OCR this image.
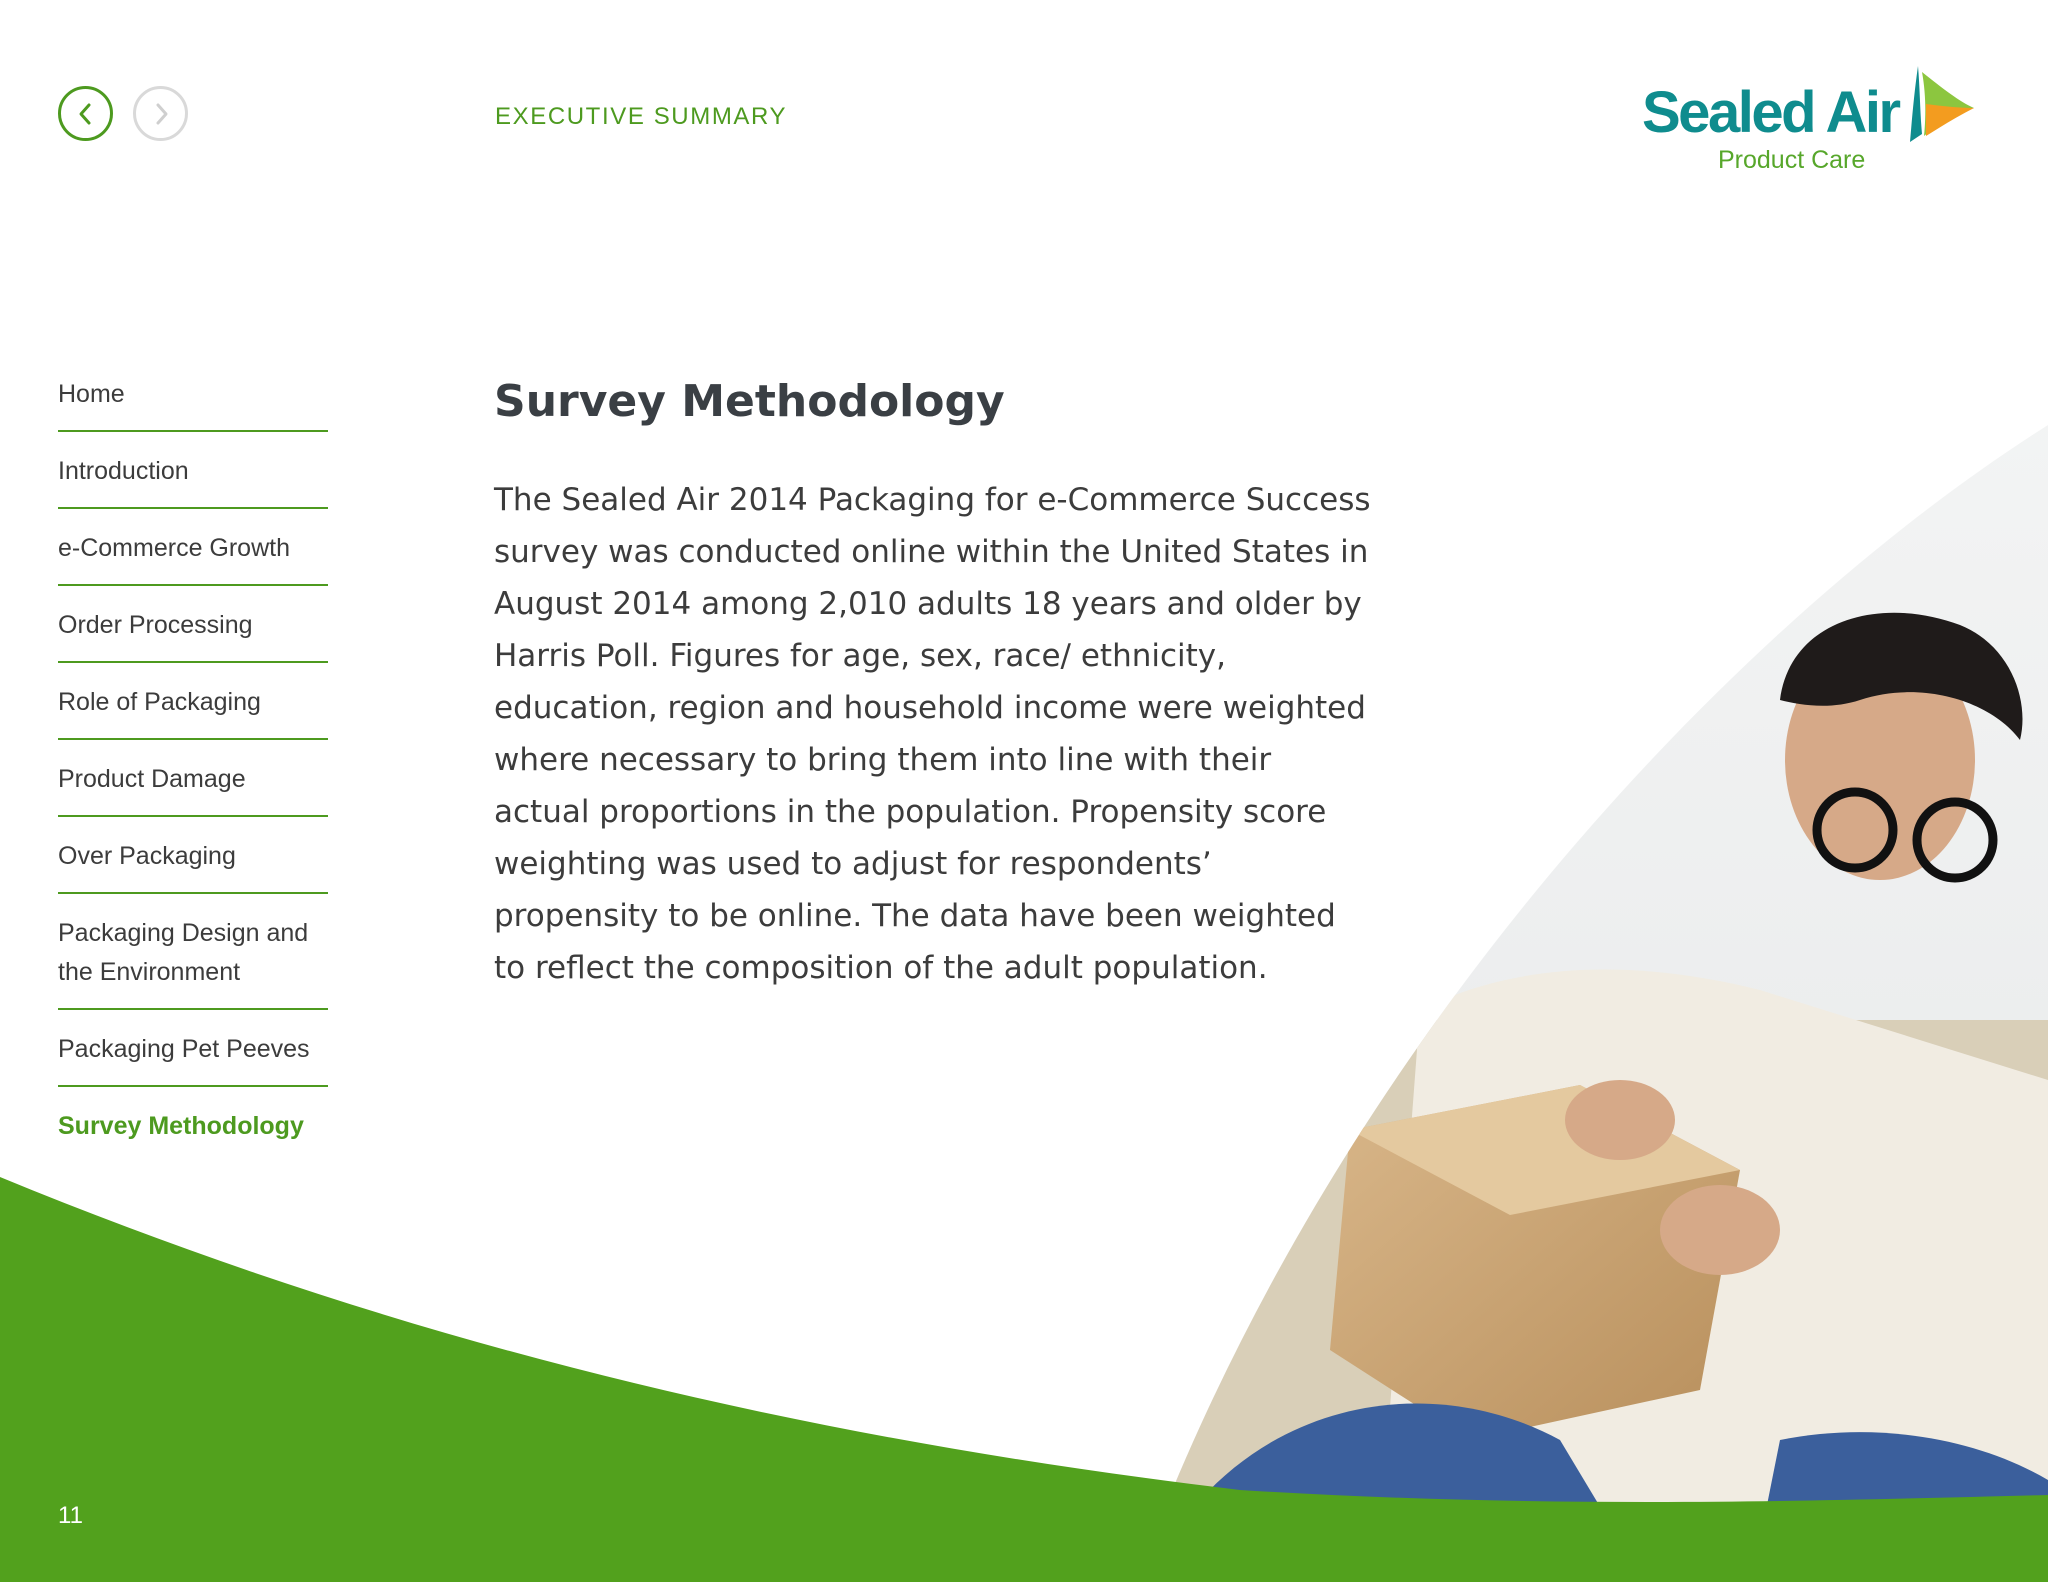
EXECUTIVE SUMMARY	Sealed Air
Product Care
Home
Introduction
e-Commerce Growth
Order Processing
Role of Packaging
Product Damage
Over Packaging
Packaging Design and the Environment
Packaging Pet Peeves
Survey Methodology
Survey Methodology

The Sealed Air 2014 Packaging for e-Commerce Success survey was conducted online within the United States in August 2014 among 2,010 adults 18 years and older by Harris Poll. Figures for age, sex, race/ ethnicity, education, region and household income were weighted where necessary to bring them into line with their actual proportions in the population. Propensity score weighting was used to adjust for respondents’ propensity to be online. The data have been weighted to reflect the composition of the adult population.

11
